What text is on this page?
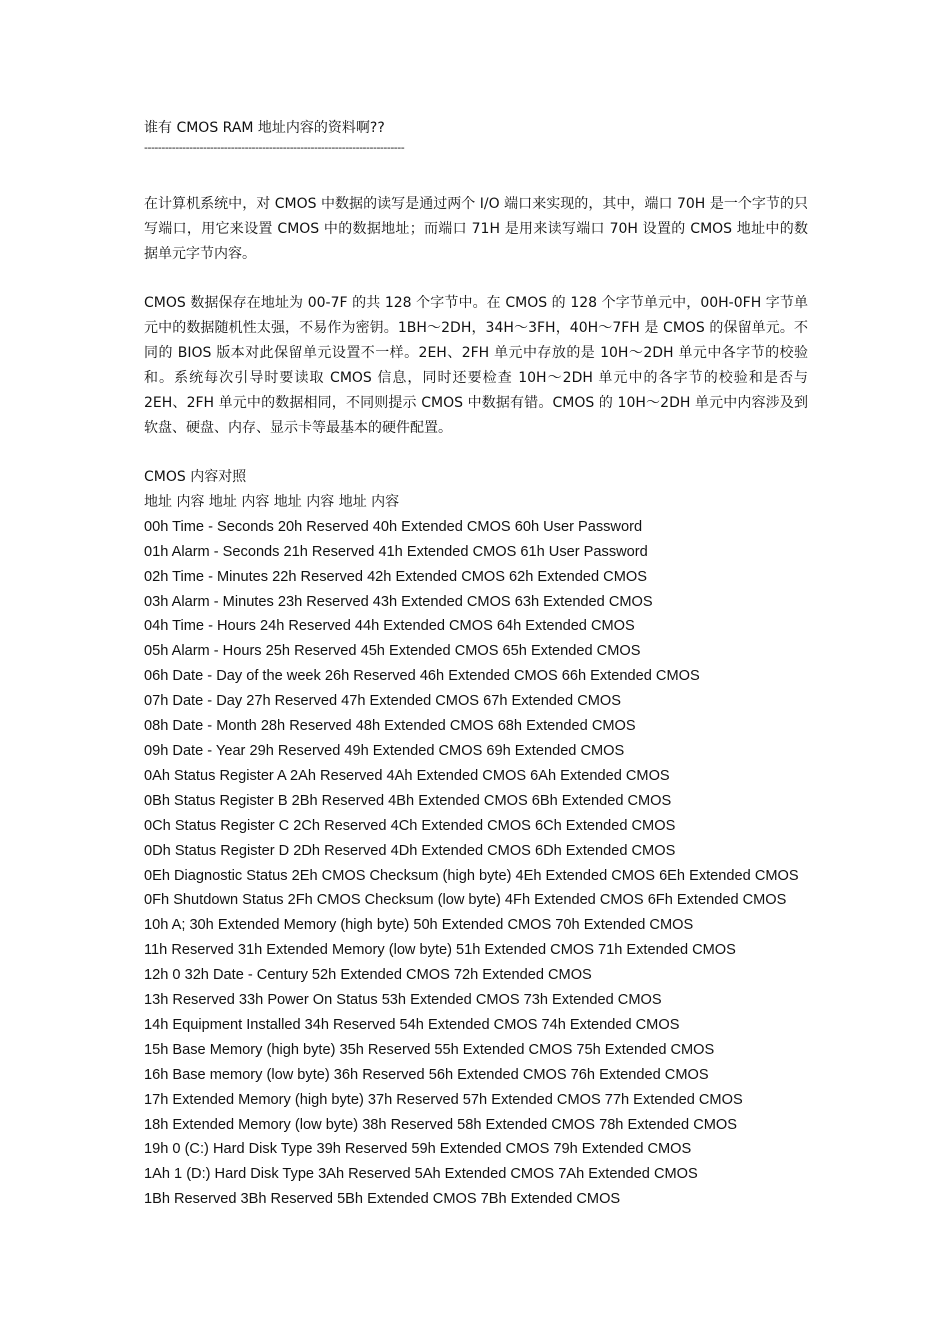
谁有 CMOS RAM 地址内容的资料啊??
---------------------------------------------------------------------------
在计算机系统中，对 CMOS 中数据的读写是通过两个 I/O 端口来实现的，其中，端口 70H 是一个字节的只写端口，用它来设置 CMOS 中的数据地址；而端口 71H 是用来读写端口 70H 设置的 CMOS 地址中的数据单元字节内容。
CMOS 数据保存在地址为 00-7F 的共 128 个字节中。在 CMOS 的 128 个字节单元中，00H-0FH 字节单元中的数据随机性太强，不易作为密钥。1BH～2DH，34H～3FH，40H～7FH 是 CMOS 的保留单元。不同的 BIOS 版本对此保留单元设置不一样。2EH、2FH 单元中存放的是 10H～2DH 单元中各字节的校验和。系统每次引导时要读取 CMOS 信息，同时还要检查 10H～2DH 单元中的各字节的校验和是否与 2EH、2FH 单元中的数据相同，不同则提示 CMOS 中数据有错。CMOS 的 10H～2DH 单元中内容涉及到软盘、硬盘、内存、显示卡等最基本的硬件配置。
CMOS 内容对照
地址 内容 地址 内容 地址 内容 地址 内容
00h Time - Seconds 20h Reserved 40h Extended CMOS 60h User Password
01h Alarm - Seconds 21h Reserved 41h Extended CMOS 61h User Password
02h Time - Minutes 22h Reserved 42h Extended CMOS 62h Extended CMOS
03h Alarm - Minutes 23h Reserved 43h Extended CMOS 63h Extended CMOS
04h Time - Hours 24h Reserved 44h Extended CMOS 64h Extended CMOS
05h Alarm - Hours 25h Reserved 45h Extended CMOS 65h Extended CMOS
06h Date - Day of the week 26h Reserved 46h Extended CMOS 66h Extended CMOS
07h Date - Day 27h Reserved 47h Extended CMOS 67h Extended CMOS
08h Date - Month 28h Reserved 48h Extended CMOS 68h Extended CMOS
09h Date - Year 29h Reserved 49h Extended CMOS 69h Extended CMOS
0Ah Status Register A 2Ah Reserved 4Ah Extended CMOS 6Ah Extended CMOS
0Bh Status Register B 2Bh Reserved 4Bh Extended CMOS 6Bh Extended CMOS
0Ch Status Register C 2Ch Reserved 4Ch Extended CMOS 6Ch Extended CMOS
0Dh Status Register D 2Dh Reserved 4Dh Extended CMOS 6Dh Extended CMOS
0Eh Diagnostic Status 2Eh CMOS Checksum (high byte) 4Eh Extended CMOS 6Eh Extended CMOS
0Fh Shutdown Status 2Fh CMOS Checksum (low byte) 4Fh Extended CMOS 6Fh Extended CMOS
10h A; 30h Extended Memory (high byte) 50h Extended CMOS 70h Extended CMOS
11h Reserved 31h Extended Memory (low byte) 51h Extended CMOS 71h Extended CMOS
12h 0 32h Date - Century 52h Extended CMOS 72h Extended CMOS
13h Reserved 33h Power On Status 53h Extended CMOS 73h Extended CMOS
14h Equipment Installed 34h Reserved 54h Extended CMOS 74h Extended CMOS
15h Base Memory (high byte) 35h Reserved 55h Extended CMOS 75h Extended CMOS
16h Base memory (low byte) 36h Reserved 56h Extended CMOS 76h Extended CMOS
17h Extended Memory (high byte) 37h Reserved 57h Extended CMOS 77h Extended CMOS
18h Extended Memory (low byte) 38h Reserved 58h Extended CMOS 78h Extended CMOS
19h 0 (C:) Hard Disk Type 39h Reserved 59h Extended CMOS 79h Extended CMOS
1Ah 1 (D:) Hard Disk Type 3Ah Reserved 5Ah Extended CMOS 7Ah Extended CMOS
1Bh Reserved 3Bh Reserved 5Bh Extended CMOS 7Bh Extended CMOS
